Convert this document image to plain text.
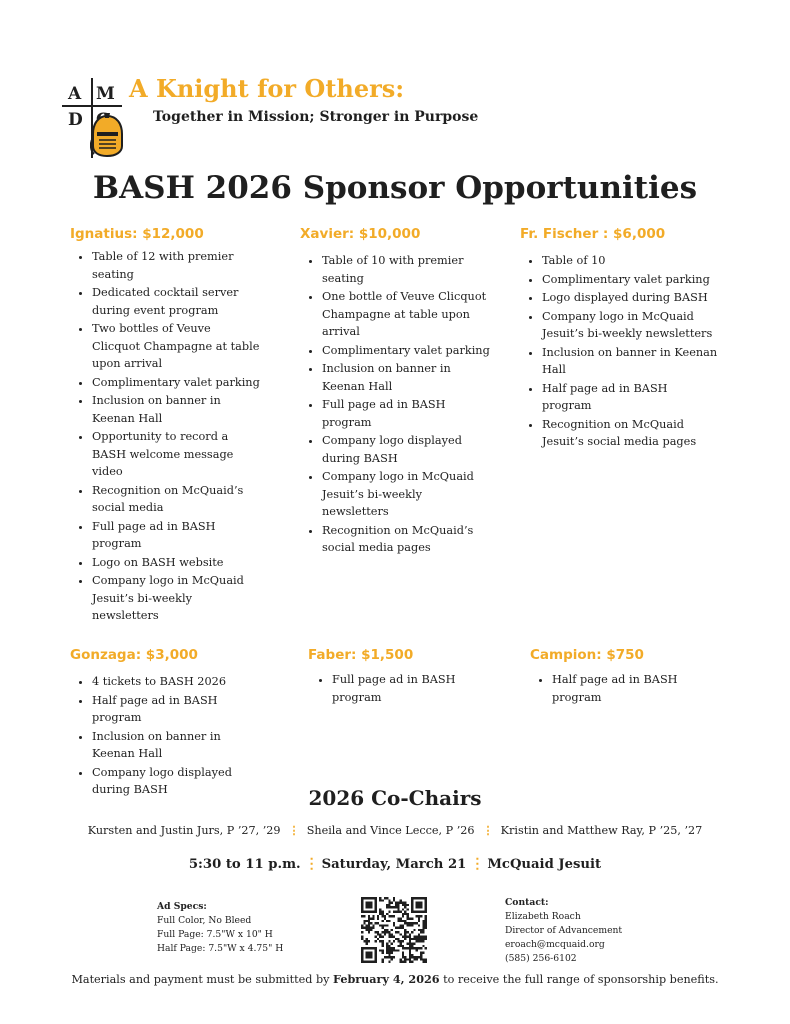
A M
D
A Knight for Others:
Together in Mission; Stronger in Purpose
BASH 2026 Sponsor Opportunities
Ignatius: $12,000
• Table of 12 with premier seating
• Dedicated cocktail server during event program
• Two bottles of Veuve Clicquot Champagne at table upon arrival
• Complimentary valet parking
• Inclusion on banner in Keenan Hall
• Opportunity to record a BASH welcome message video
• Recognition on McQuaid’s social media
• Full page ad in BASH program
• Logo on BASH website
• Company logo in McQuaid Jesuit’s bi-weekly newsletters
Xavier: $10,000
• Table of 10 with premier seating
• One bottle of Veuve Clicquot Champagne at table upon arrival
• Complimentary valet parking
• Inclusion on banner in Keenan Hall
• Full page ad in BASH program
• Company logo displayed during BASH
• Company logo in McQuaid Jesuit’s bi-weekly newsletters
• Recognition on McQuaid’s social media pages
Fr. Fischer : $6,000
• Table of 10
• Complimentary valet parking
• Logo displayed during BASH
• Company logo in McQuaid Jesuit’s bi-weekly newsletters
• Inclusion on banner in Keenan Hall
• Half page ad in BASH program
• Recognition on McQuaid Jesuit’s social media pages
Gonzaga: $3,000
• 4 tickets to BASH 2026
• Half page ad in BASH program
• Inclusion on banner in Keenan Hall
• Company logo displayed during BASH
Faber: $1,500
• Full page ad in BASH program
Campion: $750
• Half page ad in BASH program
2026 Co-Chairs
Kursten and Justin Jurs, P ’27, ’29 ⋮ Sheila and Vince Lecce, P ’26 ⋮ Kristin and Matthew Ray, P ’25, ’27
5:30 to 11 p.m. ⋮ Saturday, March 21 ⋮ McQuaid Jesuit
Ad Specs:
Full Color, No Bleed
Full Page: 7.5"W x 10" H
Half Page: 7.5"W x 4.75" H
Contact:
Elizabeth Roach
Director of Advancement
eroach@mcquaid.org
(585) 256-6102
Materials and payment must be submitted by February 4, 2026 to receive the full range of sponsorship benefits.
